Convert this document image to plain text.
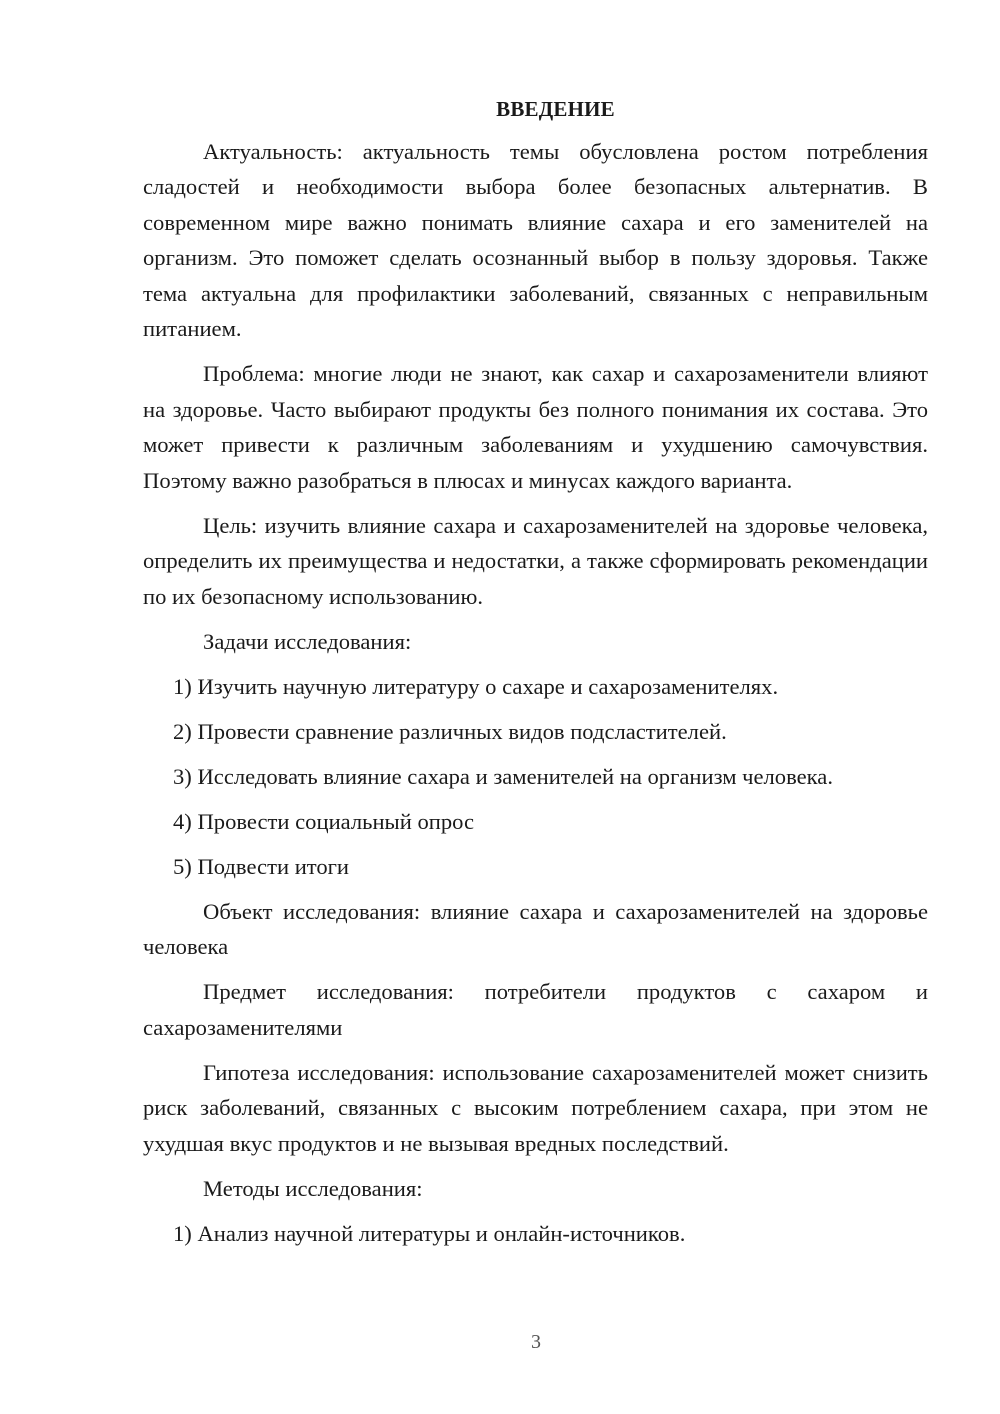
ВВЕДЕНИЕ

Актуальность: актуальность темы обусловлена ростом потребления сладостей и необходимости выбора более безопасных альтернатив. В современном мире важно понимать влияние сахара и его заменителей на организм. Это поможет сделать осознанный выбор в пользу здоровья. Также тема актуальна для профилактики заболеваний, связанных с неправильным питанием.

Проблема: многие люди не знают, как сахар и сахарозаменители влияют на здоровье. Часто выбирают продукты без полного понимания их состава. Это может привести к различным заболеваниям и ухудшению самочувствия. Поэтому важно разобраться в плюсах и минусах каждого варианта.

Цель: изучить влияние сахара и сахарозаменителей на здоровье человека, определить их преимущества и недостатки, а также сформировать рекомендации по их безопасному использованию.

Задачи исследования:

1) Изучить научную литературу о сахаре и сахарозаменителях.
2) Провести сравнение различных видов подсластителей.
3) Исследовать влияние сахара и заменителей на организм человека.
4) Провести социальный опрос
5) Подвести итоги

Объект исследования: влияние сахара и сахарозаменителей на здоровье человека

Предмет исследования: потребители продуктов с сахаром и сахарозаменителями

Гипотеза исследования: использование сахарозаменителей может снизить риск заболеваний, связанных с высоким потреблением сахара, при этом не ухудшая вкус продуктов и не вызывая вредных последствий.

Методы исследования:

1) Анализ научной литературы и онлайн-источников.
3
